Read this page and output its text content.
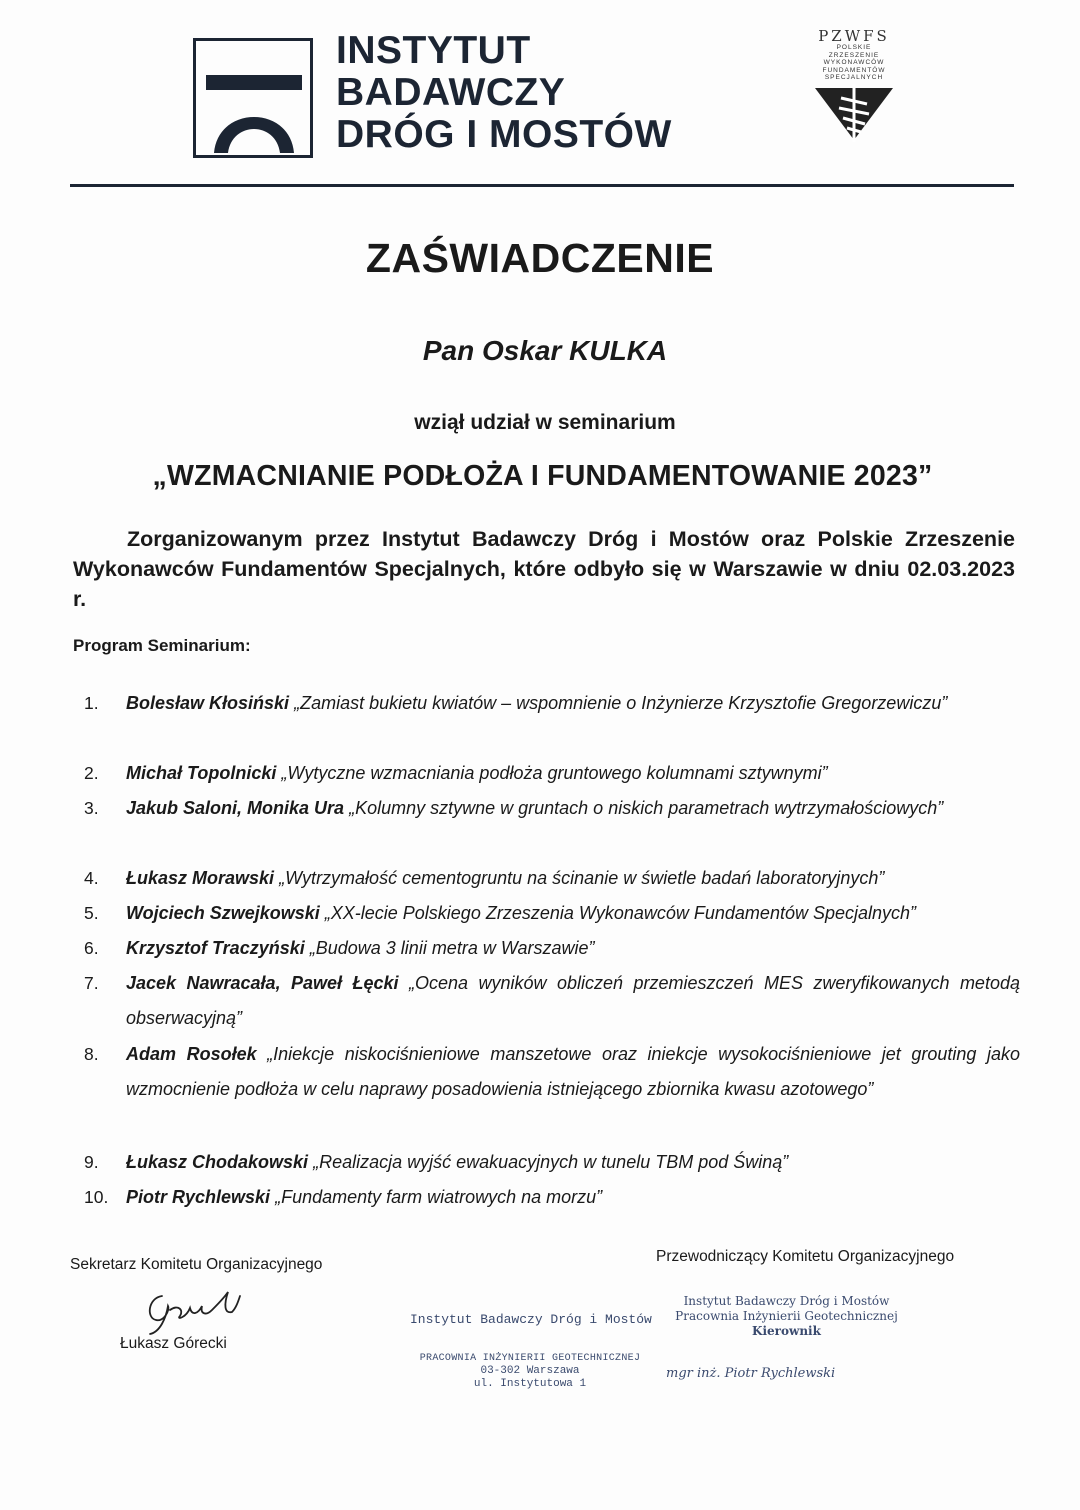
INSTYTUT
BADAWCZY
DRÓG I MOSTÓW
PZWFS
POLSKIE
ZRZESZENIE
WYKONAWCÓW
FUNDAMENTÓW
SPECJALNYCH
ZAŚWIADCZENIE
Pan Oskar KULKA
wziął udział w seminarium
„WZMACNIANIE PODŁOŻA I FUNDAMENTOWANIE 2023”
Zorganizowanym przez Instytut Badawczy Dróg i Mostów oraz Polskie Zrzeszenie Wykonawców Fundamentów Specjalnych, które odbyło się w Warszawie w dniu 02.03.2023 r.
Program Seminarium:
1.	Bolesław Kłosiński „Zamiast bukietu kwiatów – wspomnienie o Inżynierze Krzysztofie Gregorzewiczu”
2.	Michał Topolnicki „Wytyczne wzmacniania podłoża gruntowego kolumnami sztywnymi”
3.	Jakub Saloni, Monika Ura „Kolumny sztywne w gruntach o niskich parametrach wytrzymałościowych”
4.	Łukasz Morawski „Wytrzymałość cementogruntu na ścinanie w świetle badań laboratoryjnych”
5.	Wojciech Szwejkowski „XX-lecie Polskiego Zrzeszenia Wykonawców Fundamentów Specjalnych”
6.	Krzysztof Traczyński „Budowa 3 linii metra w Warszawie”
7.	Jacek Nawracała, Paweł Łęcki „Ocena wyników obliczeń przemieszczeń MES zweryfikowanych metodą obserwacyjną”
8.	Adam Rosołek „Iniekcje niskociśnieniowe manszetowe oraz iniekcje wysokociśnieniowe jet grouting jako wzmocnienie podłoża w celu naprawy posadowienia istniejącego zbiornika kwasu azotowego”
9.	Łukasz Chodakowski „Realizacja wyjść ewakuacyjnych w tunelu TBM pod Świną”
10. Piotr Rychlewski „Fundamenty farm wiatrowych na morzu”
Sekretarz Komitetu Organizacyjnego
Łukasz Górecki
Instytut Badawczy Dróg i Mostów
PRACOWNIA INŻYNIERII GEOTECHNICZNEJ
03-302 Warszawa
ul. Instytutowa 1
Przewodniczący Komitetu Organizacyjnego
Instytut Badawczy Dróg i Mostów
Pracownia Inżynierii Geotechnicznej
Kierownik
mgr inż. Piotr Rychlewski
